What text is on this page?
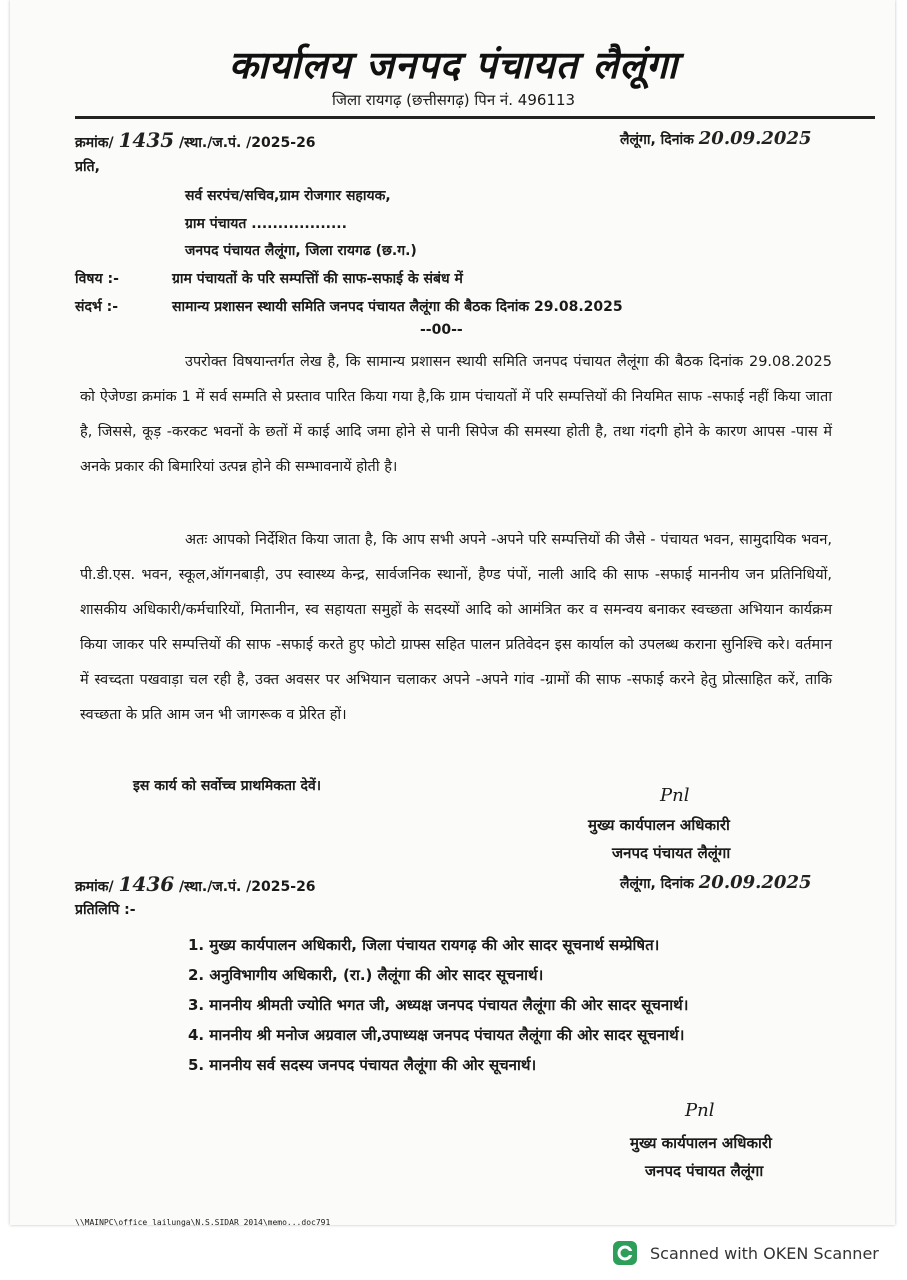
कार्यालय जनपद पंचायत लैलूंगा
जिला रायगढ़ (छत्तीसगढ़) पिन नं. 496113
क्रमांक/ 1435 /स्था./ज.पं. /2025-26	लैलूंगा, दिनांक 20.09.2025
प्रति,
सर्व सरपंच/सचिव,ग्राम रोजगार सहायक,
ग्राम पंचायत ..................
जनपद पंचायत लैलूंगा, जिला रायगढ (छ.ग.)
विषय :-	ग्राम पंचायतों के परि सम्पत्तिों की साफ-सफाई के संबंध में
संदर्भ :-	सामान्य प्रशासन स्थायी समिति जनपद पंचायत लैलूंगा की बैठक दिनांक 29.08.2025
--00--
उपरोक्त विषयान्तर्गत लेख है, कि सामान्य प्रशासन स्थायी समिति जनपद पंचायत लैलूंगा की बैठक दिनांक 29.08.2025 को ऐजेण्डा क्रमांक 1 में सर्व सम्मति से प्रस्ताव पारित किया गया है,कि ग्राम पंचायतों में परि सम्पत्तियों की नियमित साफ -सफाई नहीं किया जाता है, जिससे, कूड़ -करकट भवनों के छतों में काई आदि जमा होने से पानी सिपेज की समस्या होती है, तथा गंदगी होने के कारण आपस -पास में अनके प्रकार की बिमारियां उत्पन्न होने की सम्भावनायें होती है।
अतः आपको निर्देशित किया जाता है, कि आप सभी अपने -अपने परि सम्पत्तियों की जैसे - पंचायत भवन, सामुदायिक भवन, पी.डी.एस. भवन, स्कूल,ऑगनबाड़ी, उप स्वास्थ्य केन्द्र, सार्वजनिक स्थानों, हैण्ड पंपों, नाली आदि की साफ -सफाई माननीय जन प्रतिनिधियों, शासकीय अधिकारी/कर्मचारियों, मितानीन, स्व सहायता समुहों के सदस्यों आदि को आमंत्रित कर व समन्वय बनाकर स्वच्छता अभियान कार्यक्रम किया जाकर परि सम्पत्तियों की साफ -सफाई करते हुए फोटो ग्राफ्स सहित पालन प्रतिवेदन इस कार्याल को उपलब्ध कराना सुनिश्चि करे। वर्तमान में स्वच्दता पखवाड़ा चल रही है, उक्त अवसर पर अभियान चलाकर अपने -अपने गांव -ग्रामों की साफ -सफाई करने हेतु प्रोत्साहित करें, ताकि स्वच्छता के प्रति आम जन भी जागरूक व प्रेरित हों।
इस कार्य को सर्वोच्च प्राथमिकता देवें।	Pnl
मुख्य कार्यपालन अधिकारी
जनपद पंचायत लैलूंगा
क्रमांक/ 1436 /स्था./ज.पं. /2025-26	लैलूंगा, दिनांक 20.09.2025
प्रतिलिपि :-
1. मुख्य कार्यपालन अधिकारी, जिला पंचायत रायगढ़ की ओर सादर सूचनार्थ सम्प्रेषित।
2. अनुविभागीय अधिकारी, (रा.) लैलूंगा की ओर सादर सूचनार्थ।
3. माननीय श्रीमती ज्योति भगत जी, अध्यक्ष जनपद पंचायत लैलूंगा की ओर सादर सूचनार्थ।
4. माननीय श्री मनोज अग्रवाल जी,उपाध्यक्ष जनपद पंचायत लैलूंगा की ओर सादर सूचनार्थ।
5. माननीय सर्व सदस्य जनपद पंचायत लैलूंगा की ओर सूचनार्थ।
Pnl
मुख्य कार्यपालन अधिकारी
जनपद पंचायत लैलूंगा
\\MAINPC\office lailunga\N.S.SIDAR 2014\memo...doc791
Scanned with OKEN Scanner
